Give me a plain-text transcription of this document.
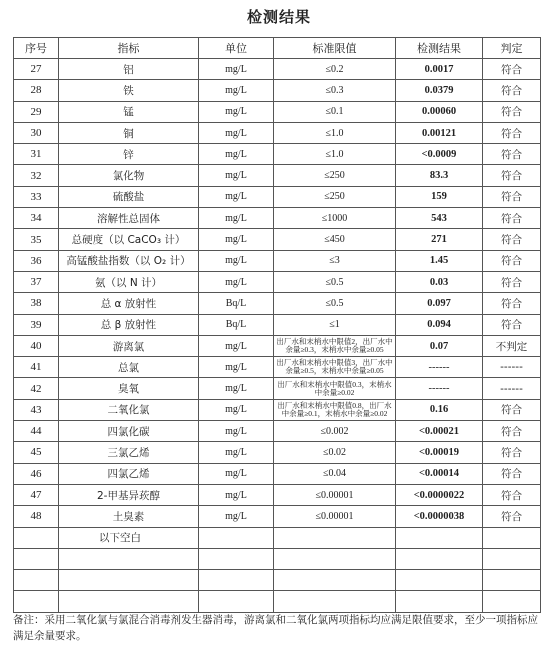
检测结果
序号	指标	单位	标准限值	检测结果	判定
27	铝	mg/L	≤0.2	0.0017	符合
28	铁	mg/L	≤0.3	0.0379	符合
29	锰	mg/L	≤0.1	0.00060	符合
30	铜	mg/L	≤1.0	0.00121	符合
31	锌	mg/L	≤1.0	<0.0009	符合
32	氯化物	mg/L	≤250	83.3	符合
33	硫酸盐	mg/L	≤250	159	符合
34	溶解性总固体	mg/L	≤1000	543	符合
35	总硬度（以 CaCO₃ 计）	mg/L	≤450	271	符合
36	高锰酸盐指数（以 O₂ 计）	mg/L	≤3	1.45	符合
37	氨（以 N 计）	mg/L	≤0.5	0.03	符合
38	总 α 放射性	Bq/L	≤0.5	0.097	符合
39	总 β 放射性	Bq/L	≤1	0.094	符合
40	游离氯	mg/L	出厂水和末梢水中限值2，出厂水中余量≥0.3，末梢水中余量≥0.05	0.07	不判定
41	总氯	mg/L	出厂水和末梢水中限值3，出厂水中余量≥0.5，末梢水中余量≥0.05	------	------
42	臭氧	mg/L	出厂水和末梢水中限值0.3，末梢水中余量≥0.02	------	------
43	二氧化氯	mg/L	出厂水和末梢水中限值0.8，出厂水中余量≥0.1，末梢水中余量≥0.02	0.16	符合
44	四氯化碳	mg/L	≤0.002	<0.00021	符合
45	三氯乙烯	mg/L	≤0.02	<0.00019	符合
46	四氯乙烯	mg/L	≤0.04	<0.00014	符合
47	2-甲基异莰醇	mg/L	≤0.00001	<0.0000022	符合
48	土臭素	mg/L	≤0.00001	<0.0000038	符合
	以下空白				

备注：采用二氧化氯与氯混合消毒剂发生器消毒，游离氯和二氧化氯两项指标均应满足限值要求，至少一项指标应满足余量要求。
